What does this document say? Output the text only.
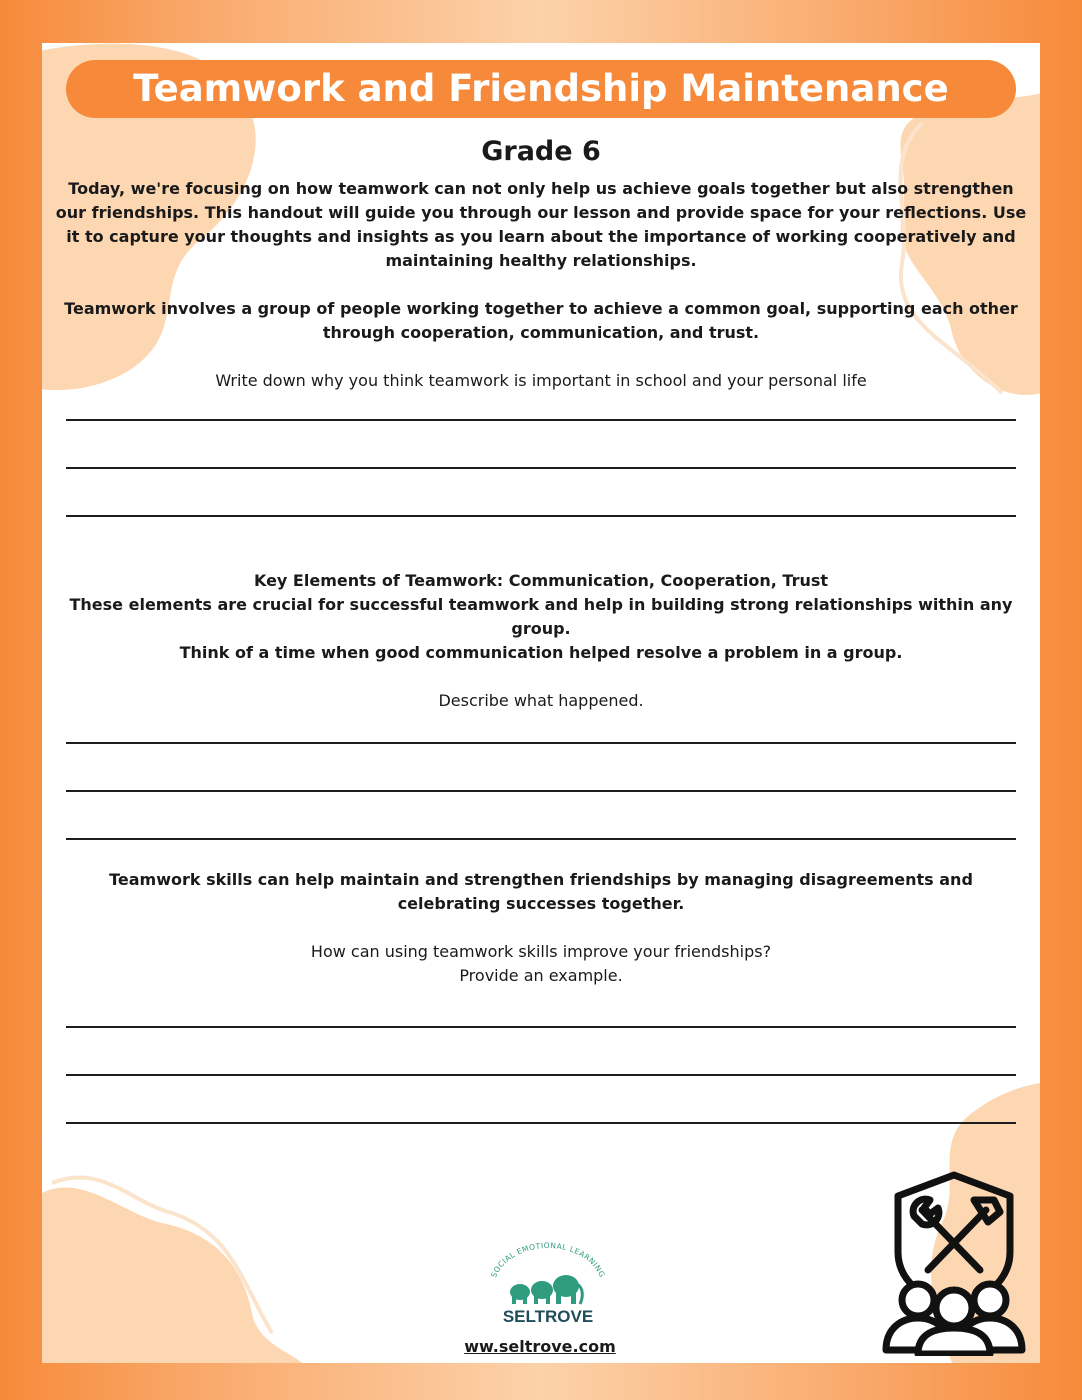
Teamwork and Friendship Maintenance
Grade 6
Today, we're focusing on how teamwork can not only help us achieve goals together but also strengthen our friendships. This handout will guide you through our lesson and provide space for your reflections. Use it to capture your thoughts and insights as you learn about the importance of working cooperatively and maintaining healthy relationships.
Teamwork involves a group of people working together to achieve a common goal, supporting each other through cooperation, communication, and trust.
Write down why you think teamwork is important in school and your personal life
Key Elements of Teamwork: Communication, Cooperation, Trust
These elements are crucial for successful teamwork and help in building strong relationships within any group.
Think of a time when good communication helped resolve a problem in a group.
Describe what happened.
Teamwork skills can help maintain and strengthen friendships by managing disagreements and celebrating successes together.
How can using teamwork skills improve your friendships?
Provide an example.
SOCIAL EMOTIONAL LEARNING
SELTROVE
ww.seltrove.com
